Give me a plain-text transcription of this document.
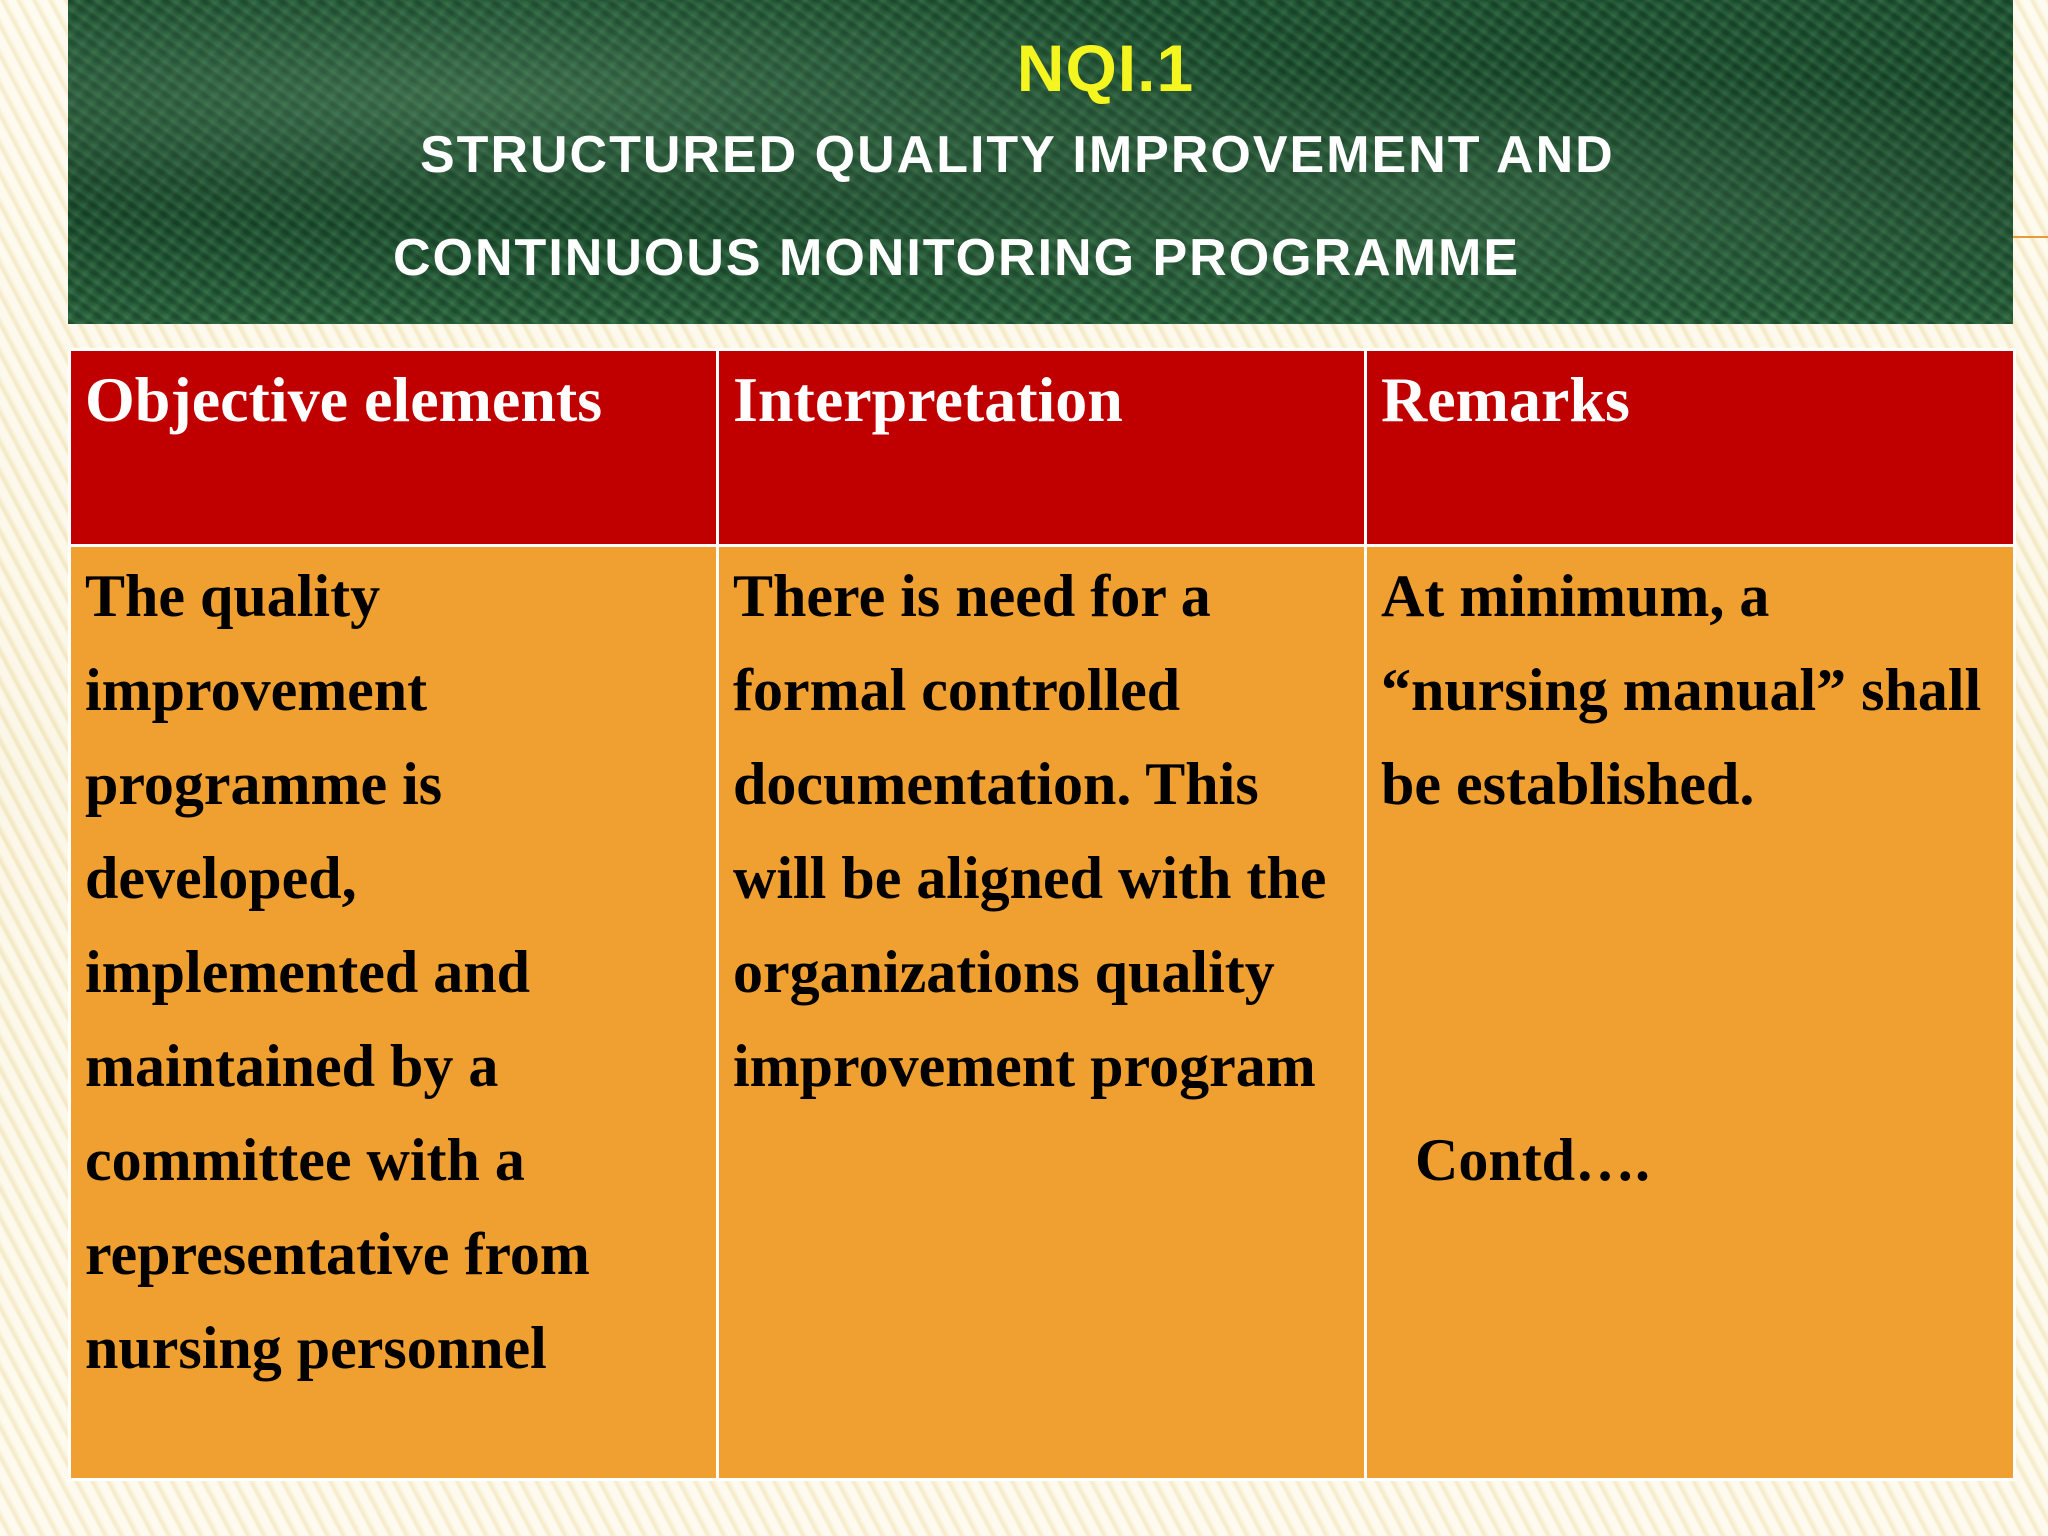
NQI.1
STRUCTURED QUALITY IMPROVEMENT AND
CONTINUOUS MONITORING PROGRAMME
Objective elements	Interpretation	Remarks

The quality improvement programme is developed, implemented and maintained by a committee with a representative from nursing personnel	There is need for a formal controlled documentation. This will be aligned with the organizations quality improvement program	At minimum, a “nursing manual” shall be established.
Contd….
